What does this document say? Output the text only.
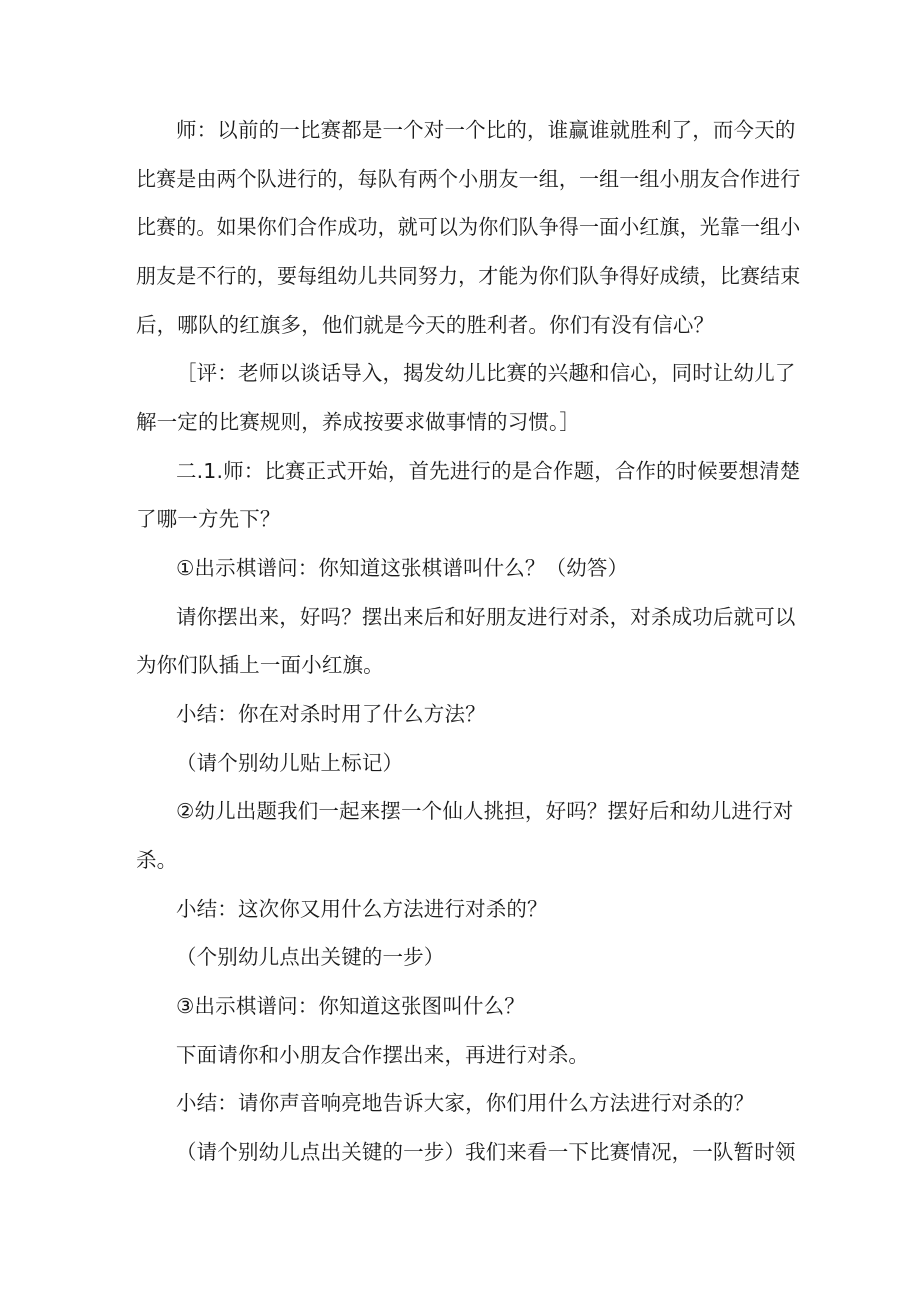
师：以前的一比赛都是一个对一个比的，谁赢谁就胜利了，而今天的
比赛是由两个队进行的，每队有两个小朋友一组，一组一组小朋友合作进行
比赛的。如果你们合作成功，就可以为你们队争得一面小红旗，光靠一组小
朋友是不行的，要每组幼儿共同努力，才能为你们队争得好成绩，比赛结束
后，哪队的红旗多，他们就是今天的胜利者。你们有没有信心？
［评：老师以谈话导入，揭发幼儿比赛的兴趣和信心，同时让幼儿了
解一定的比赛规则，养成按要求做事情的习惯。］
二.1.师：比赛正式开始，首先进行的是合作题，合作的时候要想清楚
了哪一方先下？
①出示棋谱问：你知道这张棋谱叫什么？（幼答）
请你摆出来，好吗？摆出来后和好朋友进行对杀，对杀成功后就可以
为你们队插上一面小红旗。
小结：你在对杀时用了什么方法？
（请个别幼儿贴上标记）
②幼儿出题我们一起来摆一个仙人挑担，好吗？摆好后和幼儿进行对
杀。
小结：这次你又用什么方法进行对杀的？
（个别幼儿点出关键的一步）
③出示棋谱问：你知道这张图叫什么？
下面请你和小朋友合作摆出来，再进行对杀。
小结：请你声音响亮地告诉大家，你们用什么方法进行对杀的？
（请个别幼儿点出关键的一步）我们来看一下比赛情况，一队暂时领
